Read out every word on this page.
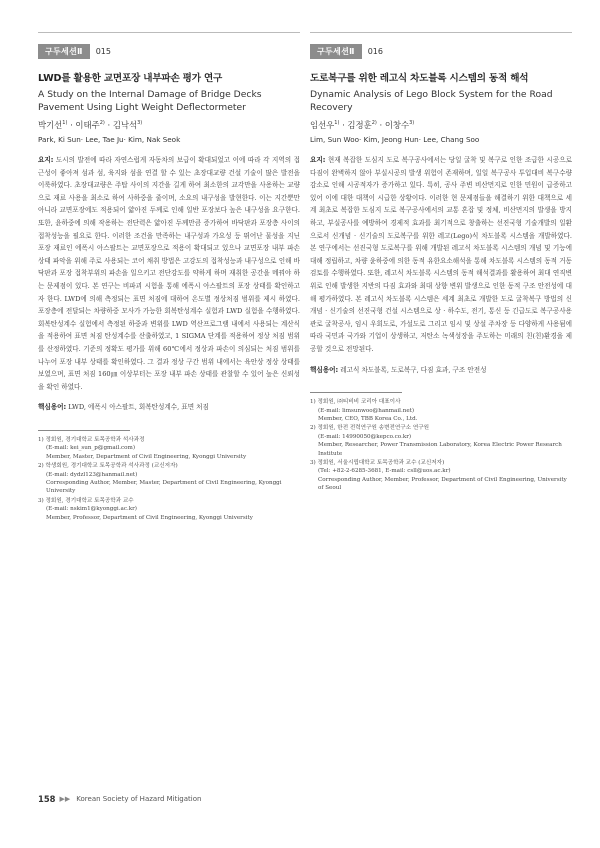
구두세션Ⅱ	015
LWD를 활용한 교면포장 내부파손 평가 연구
A Study on the Internal Damage of Bridge Decks Pavement Using Light Weight Deflectormeter
박기선$^{1)}$ · 이태주$^{2)}$ · 김낙석$^{3)}$
Park, Ki Sun· Lee, Tae Ju· Kim, Nak Seok
요지: 도시의 발전에 따라 자연스럽게 자동차의 보급이 확대되었고 이에 따라 각 지역의 접근성이 좋아져 섬과 섬, 육지와 섬을 연결 할 수 있는 초장대교량 건설 기술이 많은 발전을 이룩하였다. 초장대교량은 주탑 사이의 지간을 길게 하여 최소한의 교각만을 사용하는 교량으로 재료 사용을 최소로 하여 사하중을 줄이며, 소요의 내구성을 발현한다. 이는 지간뿐만 아니라 교면포장에도 적용되어 얇아진 두께로 인해 일반 포장보다 높은 내구성을 요구한다. 또한, 윤하중에 의해 작용하는 전단력은 얇아진 두께만큼 증가하여 바닥판과 포장층 사이의 접착성능을 필요로 한다. 이러한 조건을 만족하는 내구성과 가요성 등 뛰어난 물성을 지닌 포장 재료인 에폭시 아스팔트는 교면포장으로 적용이 확대되고 있으나 교면포장 내부 파손상태 파악을 위해 주로 사용되는 코어 채취 방법은 고강도의 접착성능과 내구성으로 인해 바닥판과 포장 접착부위의 파손을 일으키고 전단강도를 약하게 하며 재취한 공간을 메꿔야 하는 문제점이 있다. 본 연구는 비파괴 시험을 통해 에폭시 아스팔트의 포장 상태를 확인하고자 한다. LWD에 의해 측정되는 표면 처짐에 대하여 온도별 정상처짐 범위를 제시 하였다. 포장층에 전달되는 차량하중 모사가 가능한 회복탄성계수 실험과 LWD 실험을 수행하였다. 회복탄성계수 실험에서 측정된 하중과 변위를 LWD 역산프로그램 내에서 사용되는 계산식을 적용하여 표면 처짐 탄성계수를 산출하였고, 1 SIGMA 단계를 적용하여 정상 처짐 범위를 산정하였다. 기준의 정확도 평가를 위해 60℃에서 정상과 파손이 의심되는 처짐 범위를 나누어 포장 내부 상태를 확인하였다. 그 결과 정상 구간 범위 내에서는 육안상 정상 상태를 보였으며, 표면 처짐 160㎛ 이상부터는 포장 내부 파손 상태를 관찰할 수 있어 높은 신뢰성을 확인 하였다.
핵심용어: LWD, 에폭시 아스팔트, 회복탄성계수, 표면 처짐
1) 정회원, 경기대학교 토목공학과 석사과정
(E-mail: kei_sun_p@gmail.com)
Member, Master, Department of Civil Engineering, Kyonggi University
2) 학생회원, 경기대학교 토목공학과 석사과정 (교신저자)
(E-mail: dydzl123@hanmail.net)
Corresponding Author, Member, Master, Department of Civil Engineering, Kyonggi University
3) 정회원, 경기대학교 토목공학과 교수
(E-mail: nskim1@kyonggi.ac.kr)
Member, Professor, Department of Civil Engineering, Kyonggi University
구두세션Ⅱ	016
도로복구를 위한 레고식 차도블록 시스템의 동적 해석
Dynamic Analysis of Lego Block System for the Road Recovery
임선우$^{1)}$ · 김정훈$^{2)}$ · 이창수$^{3)}$
Lim, Sun Woo· Kim, Jeong Hun· Lee, Chang Soo
요지: 현재 복잡한 도심지 도로 복구공사에서는 당일 굴착 및 복구로 인한 조급한 시공으로 다짐이 완벽하지 않아 부실시공의 발생 위험이 존재하며, 일일 복구공사 투입대비 복구수량 감소로 인해 시공적자가 증가하고 있다. 특히, 공사 주변 비산먼지로 인한 민원이 급증하고 있어 이에 대한 대책이 시급한 상황이다. 이러한 현 문제점들을 해결하기 위한 대책으로 세계 최초로 복잡한 도심지 도로 복구공사에서의 교통 혼잡 및 정체, 비산먼지의 발생을 방지하고, 부실공사를 예방하여 경제적 효과를 최기적으로 창출하는 선진국형 기술개발의 일환으로서 신개념 · 신기술의 도로복구를 위한 레고(Lego)식 차도블록 시스템을 개발하였다. 본 연구에서는 선진국형 도로복구를 위해 개발된 레고식 차도블록 시스템의 개념 및 기능에 대해 정립하고, 차량 윤하중에 의한 동적 유한요소해석을 통해 차도블록 시스템의 동적 거동 검토를 수행하였다. 또한, 레고식 차도블록 시스템의 동적 해석결과를 활용하여 최대 연직변위로 인해 발생한 지반의 다짐 효과와 최대 상향 변위 발생으로 인한 동적 구조 안전성에 대해 평가하였다. 본 레고식 차도블록 시스템은 세계 최초로 개발한 도로 굴착복구 방법의 신개념 · 신기술의 선진국형 건설 시스템으로 상 · 하수도, 전기, 통신 등 긴급도로 복구공사용 관로 굴착공사, 임시 우회도로, 가설도로 그리고 임시 및 상설 주차장 등 다양하게 사용됨에 따라 국민과 국가와 기업이 상생하고, 저탄소 녹색성장을 주도하는 미래의 친(친)환경을 제공할 것으로 전망된다.
핵심용어: 레고식 차도블록, 도로복구, 다짐 효과, 구조 안전성
1) 정회원, ㈜티비비 코리아 대표이사
(E-mail: limsunwoo@hanmail.net)
Member, CEO, TBB Korea Co., Ltd.
2) 정회원, 한전 전력연구원 송변전연구소 연구원
(E-mail: 14990050@kepco.co.kr)
Member, Researcher, Power Transmission Laboratory, Korea Electric Power Research Institute
3) 정회원, 서울시립대학교 토목공학과 교수 (교신저자)
(Tel: +82-2-6285-3681, E-mail: csll@uos.ac.kr)
Corresponding Author, Member, Professor, Department of Civil Engineering, University of Seoul
158 ▶▶ Korean Society of Hazard Mitigation
